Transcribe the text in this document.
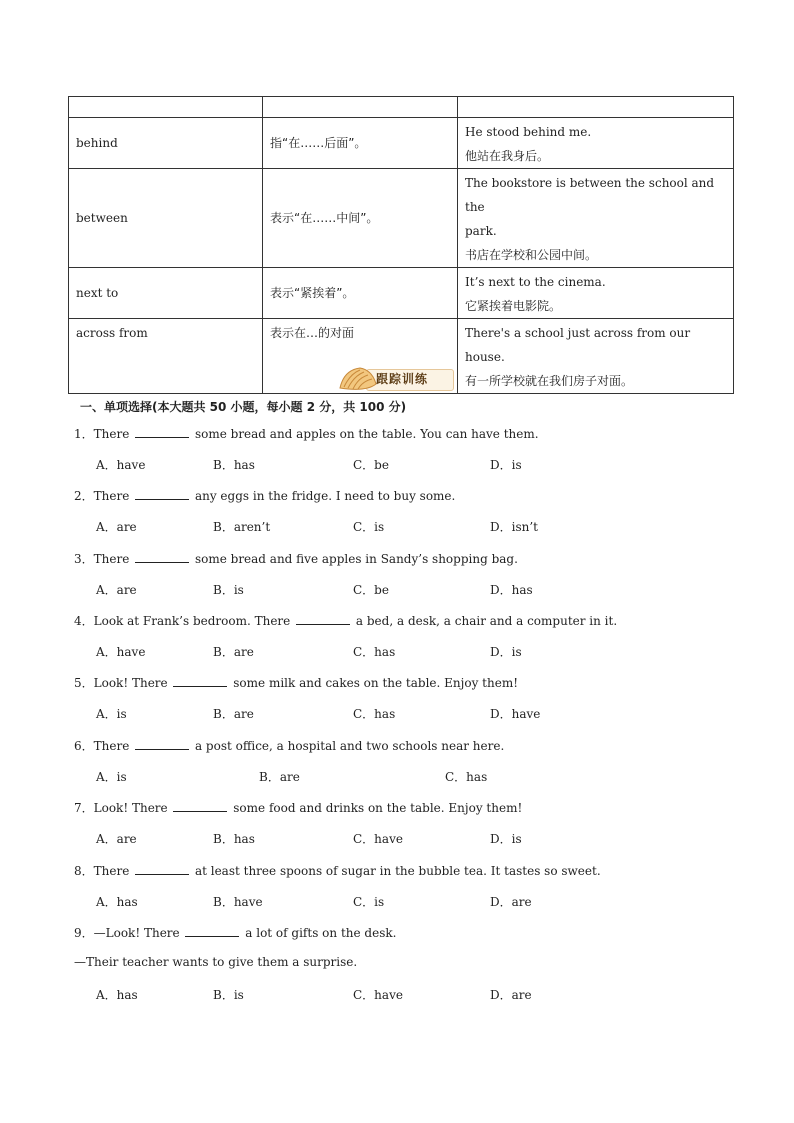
behind	指“在……后面”。	He stood behind me.
他站在我身后。

between	表示“在……中间”。	The bookstore is between the school and the
park.
书店在学校和公园中间。

next to	表示“紧挨着”。	It’s next to the cinema.
它紧挨着电影院。

across from	表示在…的对面	There's a school just across from our house.
有一所学校就在我们房子对面。
跟踪训练
一、单项选择(本大题共 50 小题，每小题 2 分，共 100 分)
1．There	some bread and apples on the table. You can have them.
A．have	B．has	C．be	D．is
2．There	any eggs in the fridge. I need to buy some.
A．are	B．aren’t	C．is	D．isn’t
3．There	some bread and five apples in Sandy’s shopping bag.
A．are	B．is	C．be	D．has
4．Look at Frank’s bedroom. There	a bed, a desk, a chair and a computer in it.
A．have	B．are	C．has	D．is
5．Look! There	some milk and cakes on the table. Enjoy them!
A．is	B．are	C．has	D．have
6．There	a post office, a hospital and two schools near here.
A．is	B．are	C．has
7．Look! There	some food and drinks on the table. Enjoy them!
A．are	B．has	C．have	D．is
8．There	at least three spoons of sugar in the bubble tea. It tastes so sweet.
A．has	B．have	C．is	D．are
9．—Look! There	a lot of gifts on the desk.
—Their teacher wants to give them a surprise.
A．has	B．is	C．have	D．are
